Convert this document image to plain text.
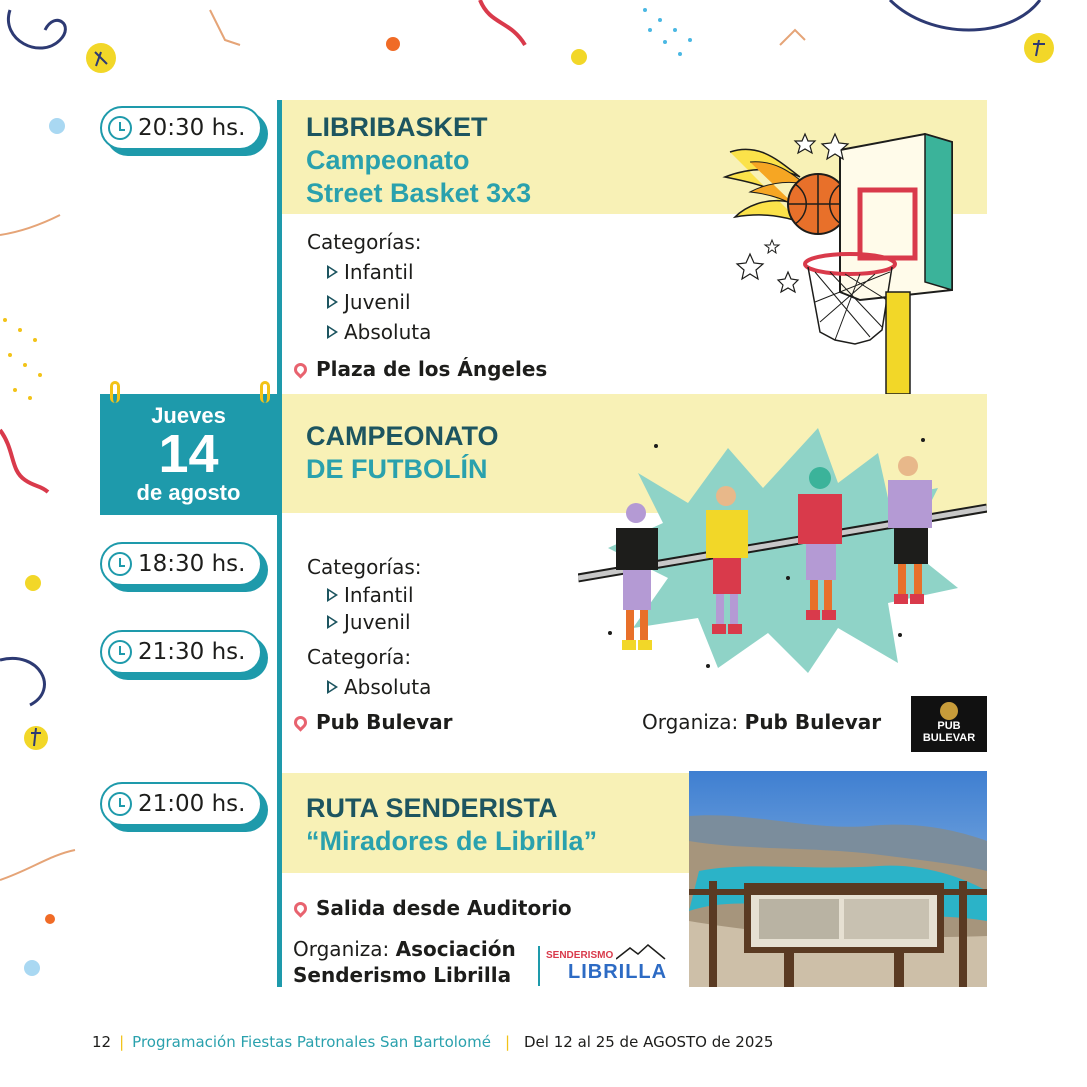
LIBRIBASKET
Campeonato
Street Basket 3x3
20:30 hs.
Categorías:
Infantil
Juvenil
Absoluta
Plaza de los Ángeles
Jueves
14
de agosto
CAMPEONATO
DE FUTBOLÍN
18:30 hs.
21:30 hs.
Categorías:
Infantil
Juvenil
Categoría:
Absoluta
Pub Bulevar	Organiza: Pub Bulevar	PUB
BULEVAR
RUTA SENDERISTA
“Miradores de Librilla”
21:00 hs.
Salida desde Auditorio
Organiza: Asociación
Senderismo Librilla
SENDERISMO
LIBRILLA
12 | Programación Fiestas Patronales San Bartolomé | Del 12 al 25 de AGOSTO de 2025
